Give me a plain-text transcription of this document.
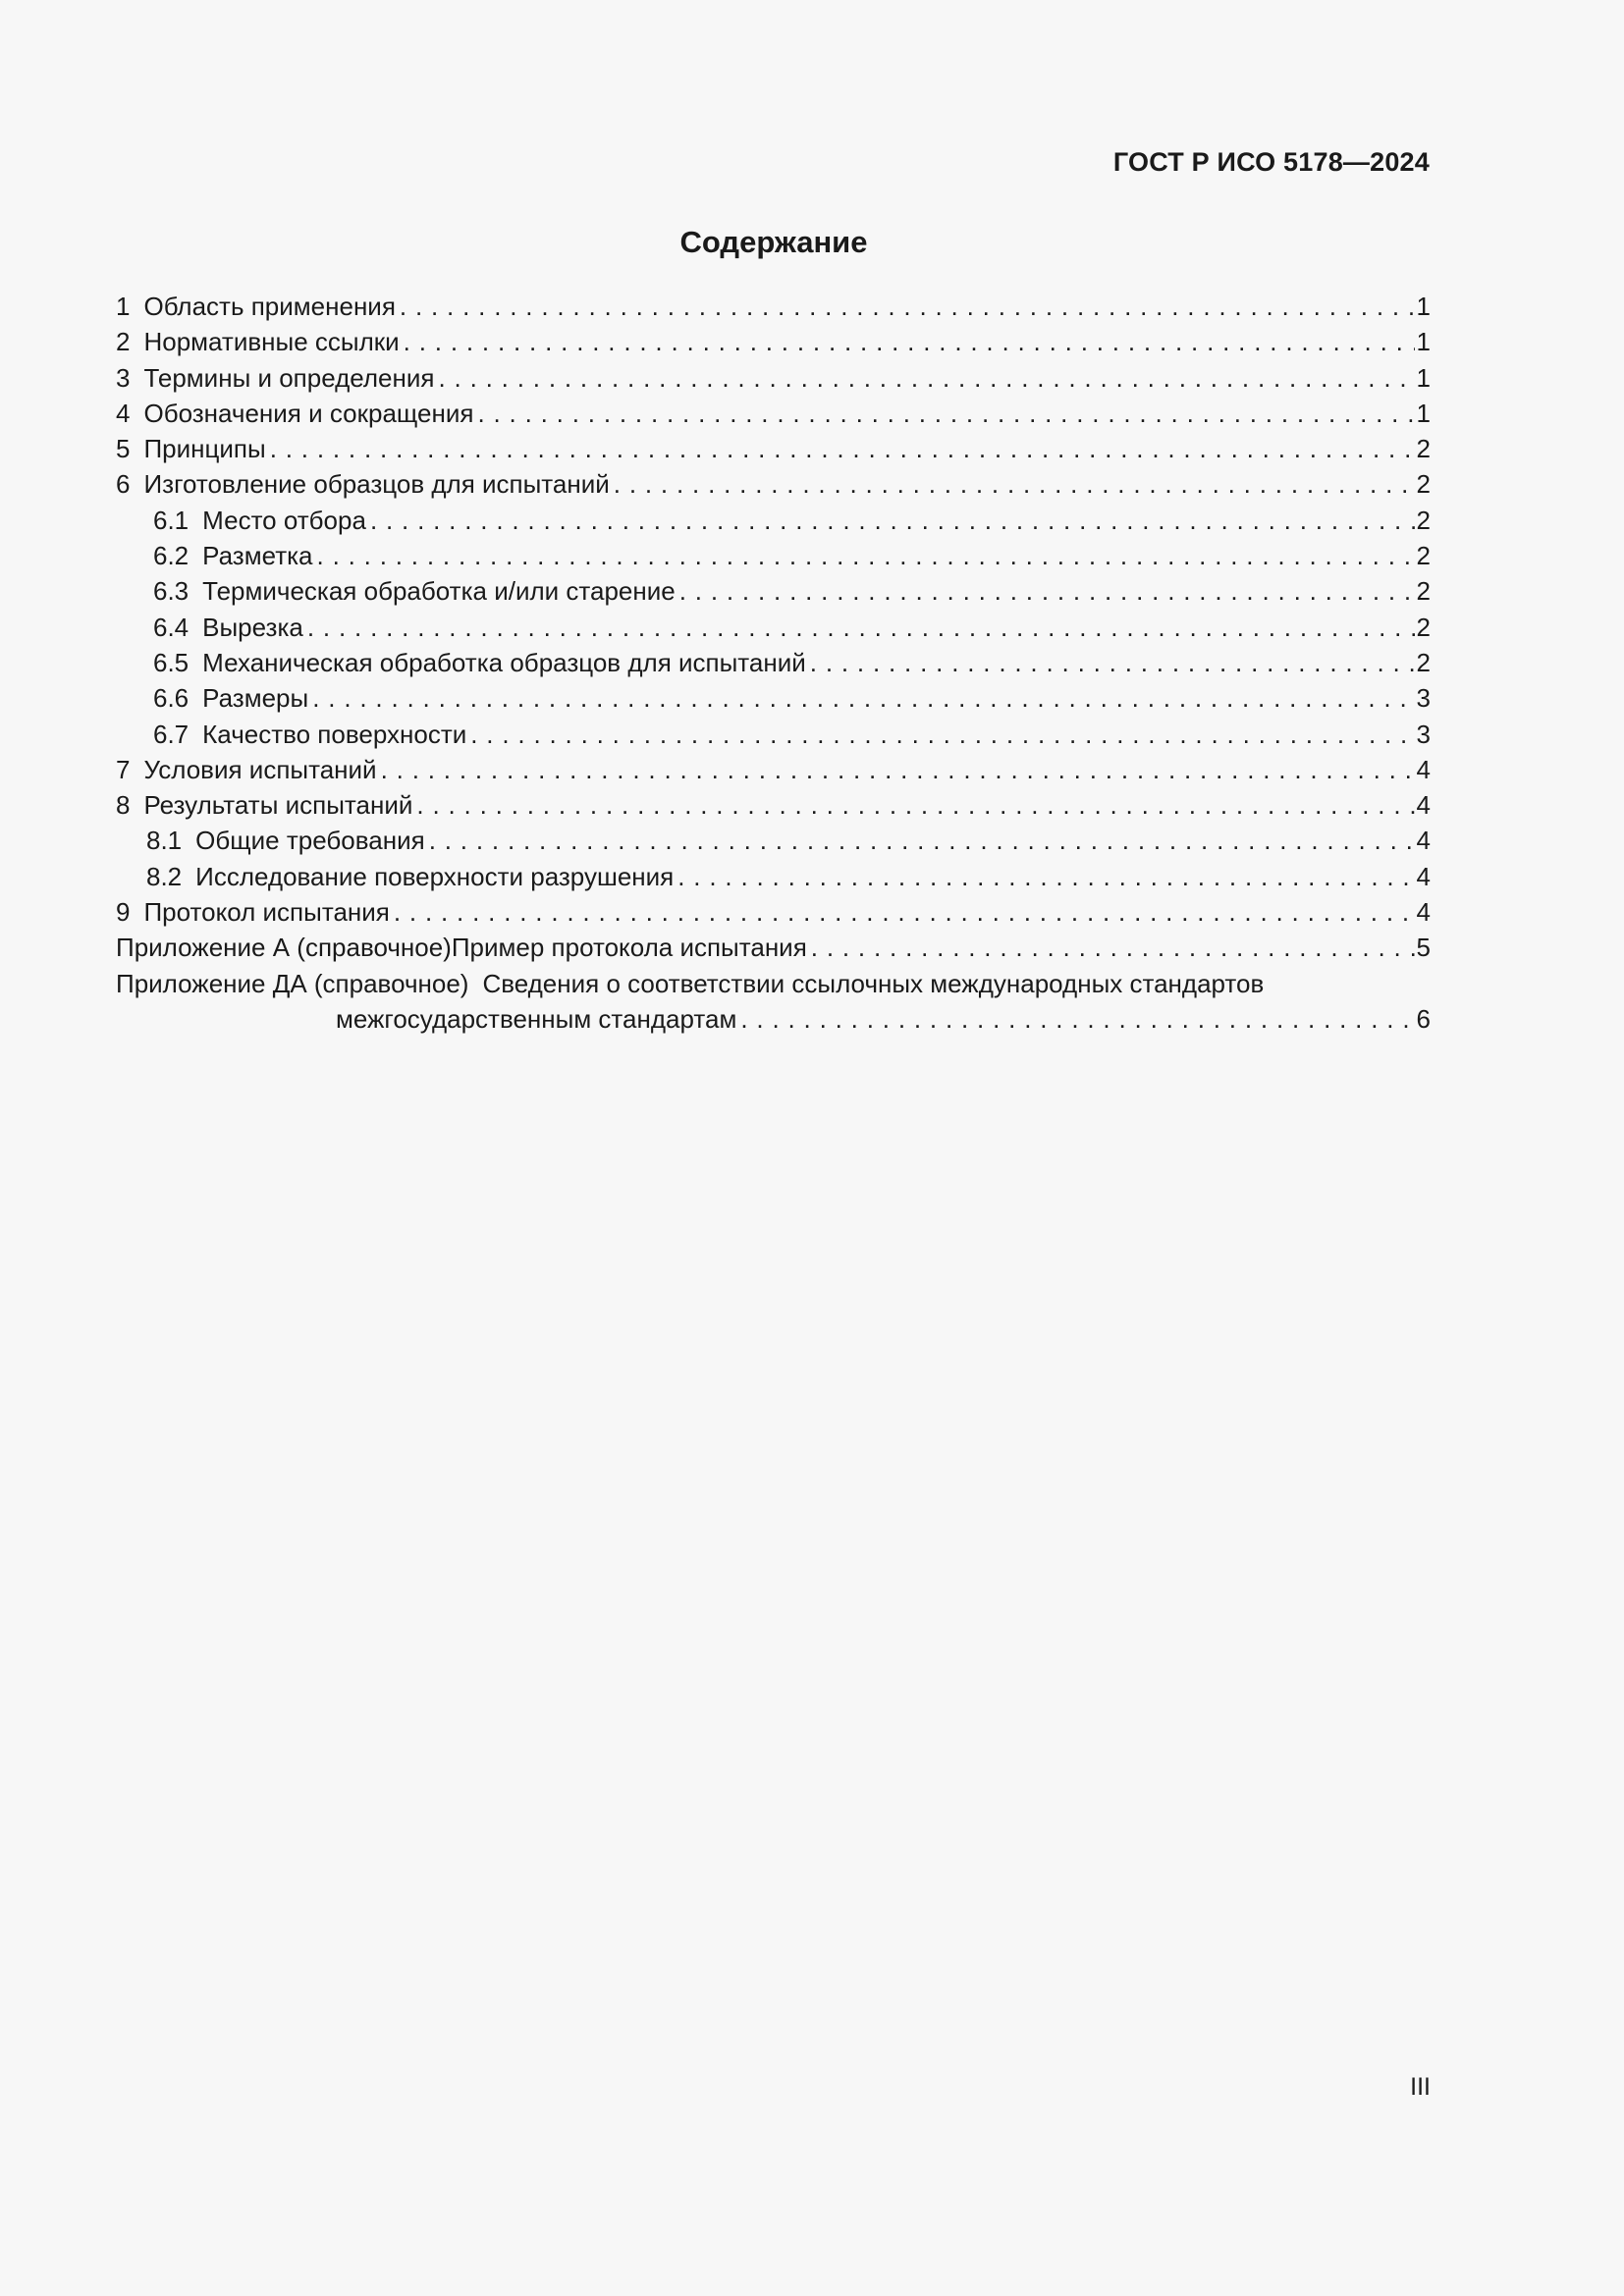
ГОСТ Р ИСО 5178—2024
Содержание
1 Область применения . . .	1
2 Нормативные ссылки . . .	1
3 Термины и определения . . .	1
4 Обозначения и сокращения . . .	1
5 Принципы . . .	2
6 Изготовление образцов для испытаний . . .	2
6.1 Место отбора . . .	2
6.2 Разметка . . .	2
6.3 Термическая обработка и/или старение . . .	2
6.4 Вырезка . . .	2
6.5 Механическая обработка образцов для испытаний . . .	2
6.6 Размеры . . .	3
6.7 Качество поверхности . . .	3
7 Условия испытаний . . .	4
8 Результаты испытаний . . .	4
8.1 Общие требования . . .	4
8.2 Исследование поверхности разрушения . . .	4
9 Протокол испытания . . .	4
Приложение А (справочное) Пример протокола испытания . . .	5
Приложение ДА (справочное) Сведения о соответствии ссылочных международных стандартов
межгосударственным стандартам . . .	6
III
